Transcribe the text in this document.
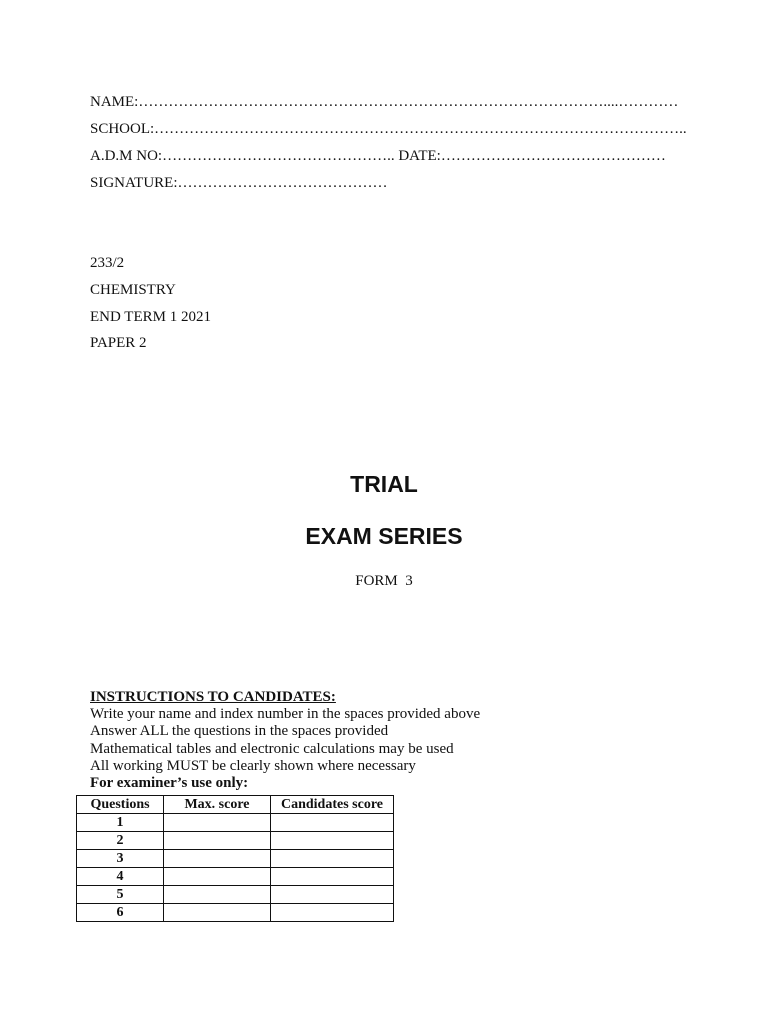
NAME:…………………………………………………………………………………....…………
SCHOOL:……………………………………………………………………………………………..
A.D.M NO:……………………………………….. DATE:………………………………………
SIGNATURE:……………………………………
233/2
CHEMISTRY
END TERM 1 2021
PAPER 2
TRIAL
EXAM SERIES
FORM  3
INSTRUCTIONS TO CANDIDATES:
Write your name and index number in the spaces provided above
Answer ALL the questions in the spaces provided
Mathematical tables and electronic calculations may be used
All working MUST be clearly shown where necessary
For examiner’s use only:
Questions	Max. score	Candidates score
1		
2		
3		
4		
5		
6		
